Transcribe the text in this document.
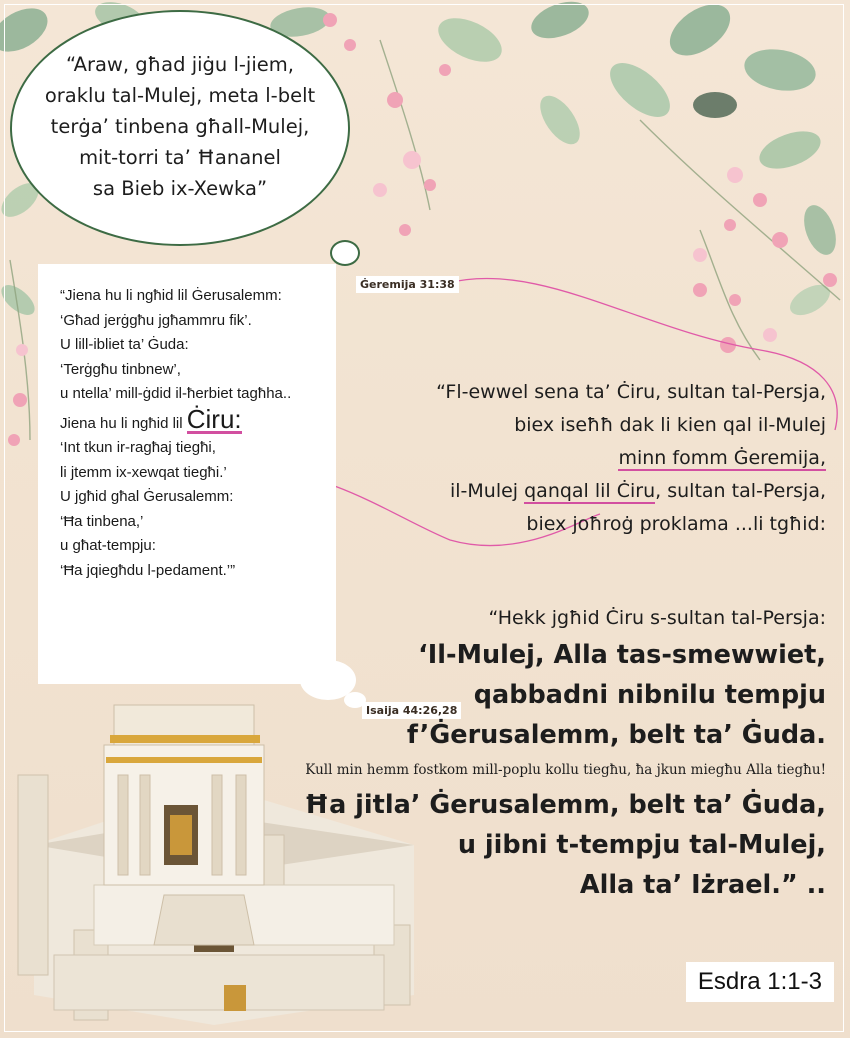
“Araw, għad jiġu l-jiem,
oraklu tal-Mulej, meta l-belt
terġa’ tinbena għall-Mulej,
mit-torri ta’ Ħananel
sa Bieb ix-Xewka”
Ġeremija 31:38
“Jiena hu li ngħid lil Ġerusalemm:
‘Għad jerġgħu jgħammru fik’.
U lill-ibliet ta’ Ġuda:
‘Terġgħu tinbnew’,
u ntella’ mill-ġdid il-ħerbiet tagħha..
Jiena hu li ngħid lil Ċiru:
‘Int tkun ir-ragħaj tiegħi,
li jtemm ix-xewqat tiegħi.’
U jgħid għal Ġerusalemm:
‘Ħa tinbena,’
u għat-tempju:
‘Ħa jqiegħdu l-pedament.’”
Isaija 44:26,28
“Fl-ewwel sena ta’ Ċiru, sultan tal-Persja,
biex iseħħ dak li kien qal il-Mulej
minn fomm Ġeremija,
il-Mulej qanqal lil Ċiru, sultan tal-Persja,
biex joħroġ proklama ...li tgħid:
“Hekk jgħid Ċiru s-sultan tal-Persja:
‘Il-Mulej, Alla tas-smewwiet,
qabbadni nibnilu tempju
f’Ġerusalemm, belt ta’ Ġuda.
Kull min hemm fostkom mill-poplu kollu tiegħu, ħa jkun miegħu Alla tiegħu!
Ħa jitla’ Ġerusalemm, belt ta’ Ġuda,
u jibni t-tempju tal-Mulej,
Alla ta’ Iżrael.” ..
Esdra 1:1-3
